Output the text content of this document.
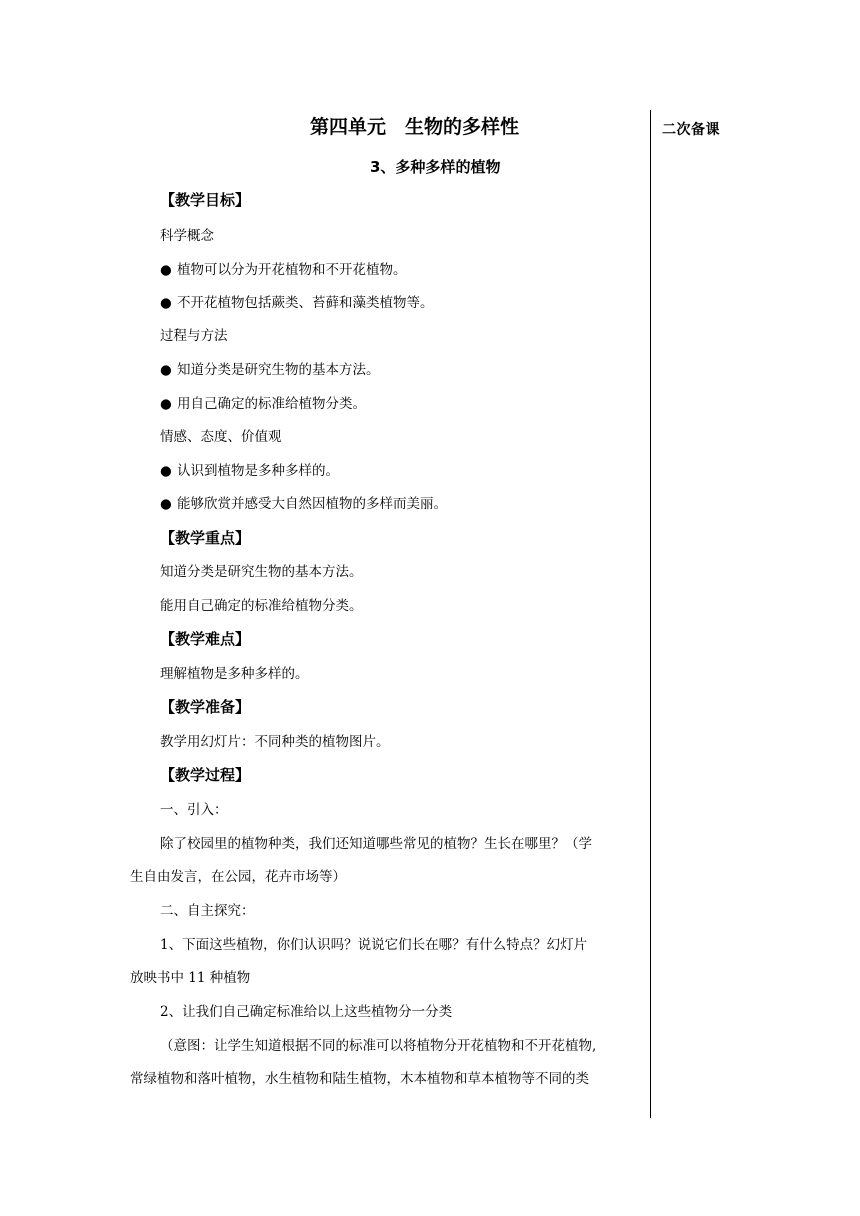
二次备课
第四单元　生物的多样性
3、多种多样的植物
【教学目标】
科学概念
● 植物可以分为开花植物和不开花植物。
● 不开花植物包括蕨类、苔藓和藻类植物等。
过程与方法
● 知道分类是研究生物的基本方法。
● 用自己确定的标准给植物分类。
情感、态度、价值观
● 认识到植物是多种多样的。
● 能够欣赏并感受大自然因植物的多样而美丽。
【教学重点】
知道分类是研究生物的基本方法。
能用自己确定的标准给植物分类。
【教学难点】
理解植物是多种多样的。
【教学准备】
教学用幻灯片：不同种类的植物图片。
【教学过程】
一、引入：
除了校园里的植物种类，我们还知道哪些常见的植物？生长在哪里？（学
生自由发言，在公园，花卉市场等）
二、自主探究：
1、下面这些植物，你们认识吗？说说它们长在哪？有什么特点？幻灯片
放映书中 11 种植物
2、让我们自己确定标准给以上这些植物分一分类
（意图：让学生知道根据不同的标准可以将植物分开花植物和不开花植物,
常绿植物和落叶植物，水生植物和陆生植物，木本植物和草本植物等不同的类
